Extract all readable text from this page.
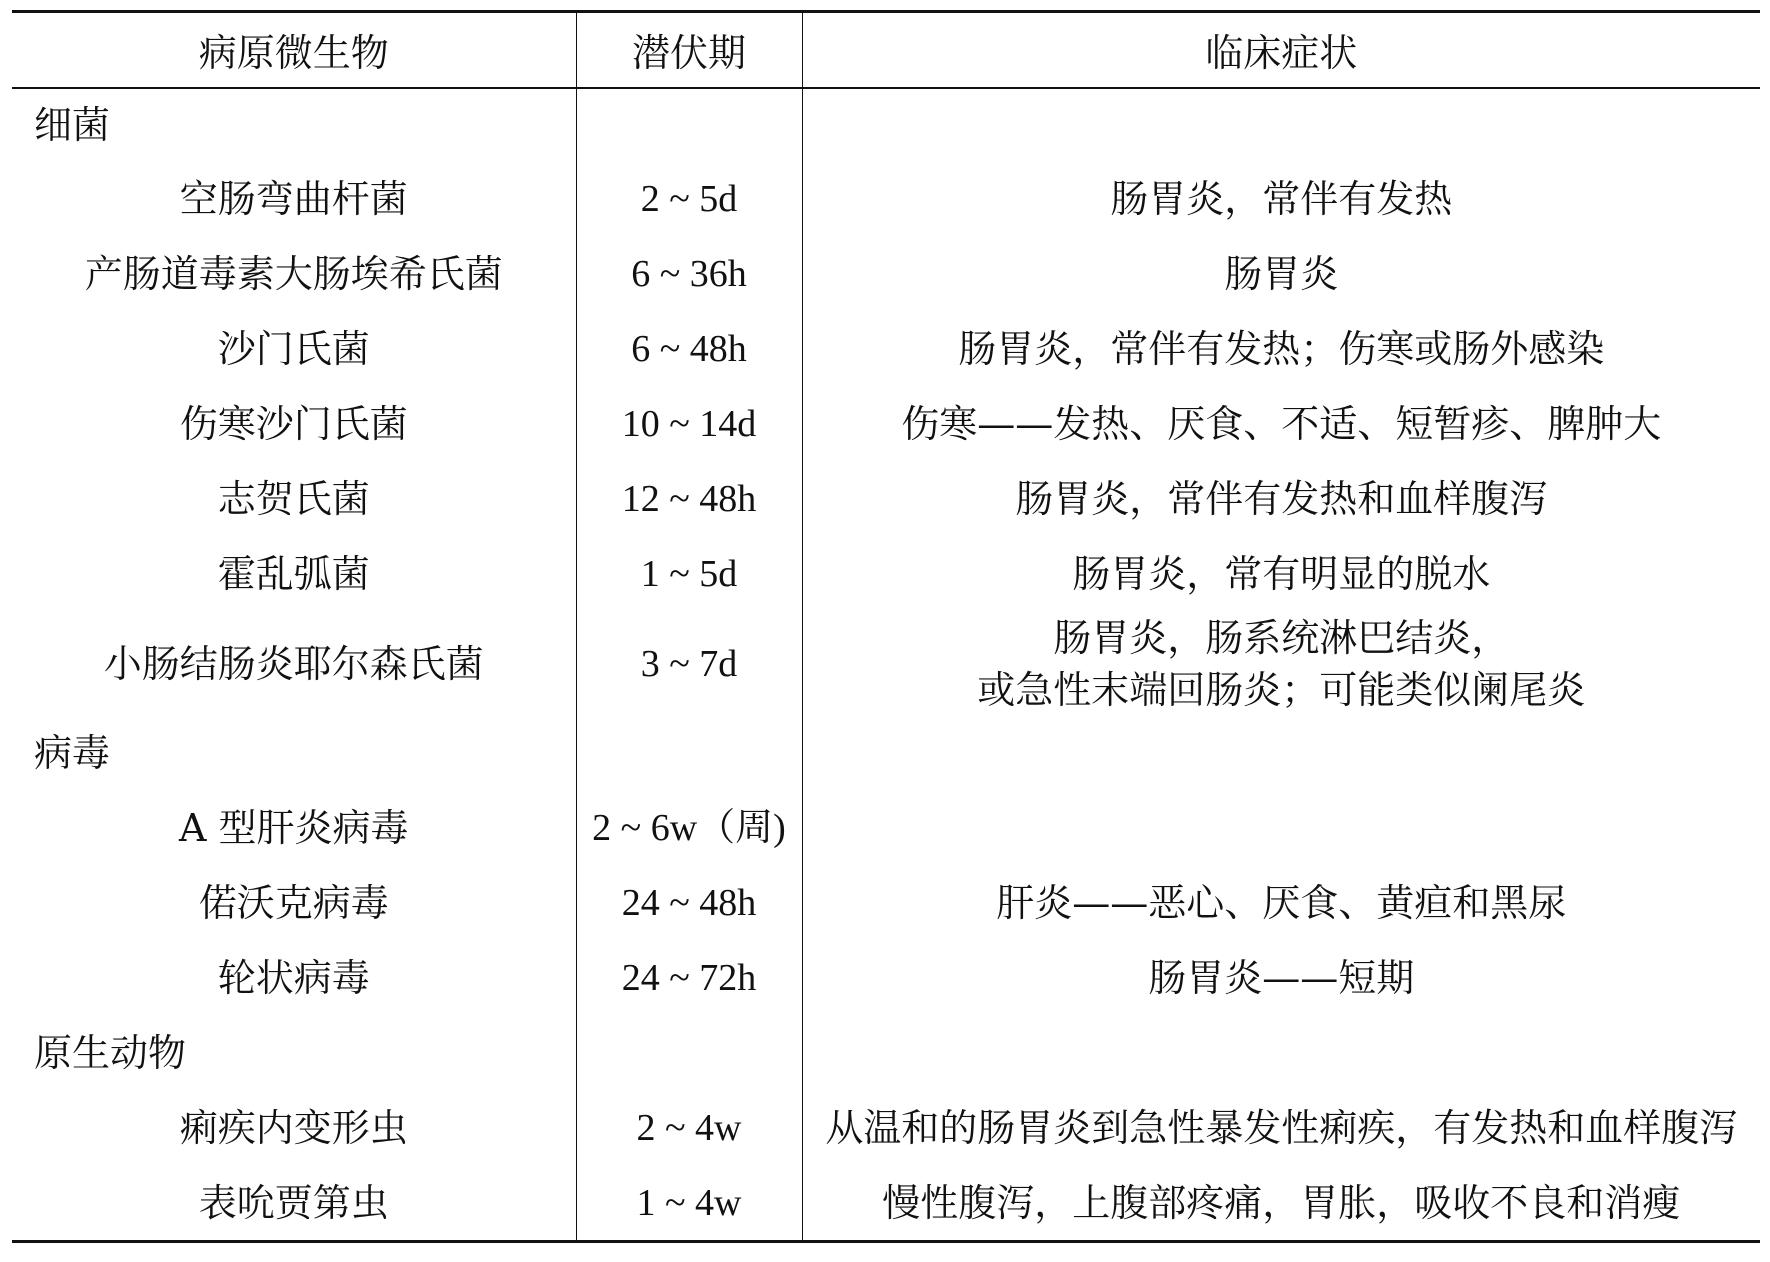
病原微生物	潜伏期	临床症状
细菌		
空肠弯曲杆菌	2 ~ 5d	肠胃炎，常伴有发热
产肠道毒素大肠埃希氏菌	6 ~ 36h	肠胃炎
沙门氏菌	6 ~ 48h	肠胃炎，常伴有发热；伤寒或肠外感染
伤寒沙门氏菌	10 ~ 14d	伤寒——发热、厌食、不适、短暂疹、脾肿大
志贺氏菌	12 ~ 48h	肠胃炎，常伴有发热和血样腹泻
霍乱弧菌	1 ~ 5d	肠胃炎，常有明显的脱水
小肠结肠炎耶尔森氏菌	3 ~ 7d	肠胃炎，肠系统淋巴结炎，
或急性末端回肠炎；可能类似阑尾炎

病毒		
A 型肝炎病毒	2 ~ 6w（周)	
偌沃克病毒	24 ~ 48h	肝炎——恶心、厌食、黄疸和黑尿
轮状病毒	24 ~ 72h	肠胃炎——短期
原生动物		
痢疾内变形虫	2 ~ 4w	从温和的肠胃炎到急性暴发性痢疾，有发热和血样腹泻
表吮贾第虫	1 ~ 4w	慢性腹泻，上腹部疼痛，胃胀，吸收不良和消瘦
